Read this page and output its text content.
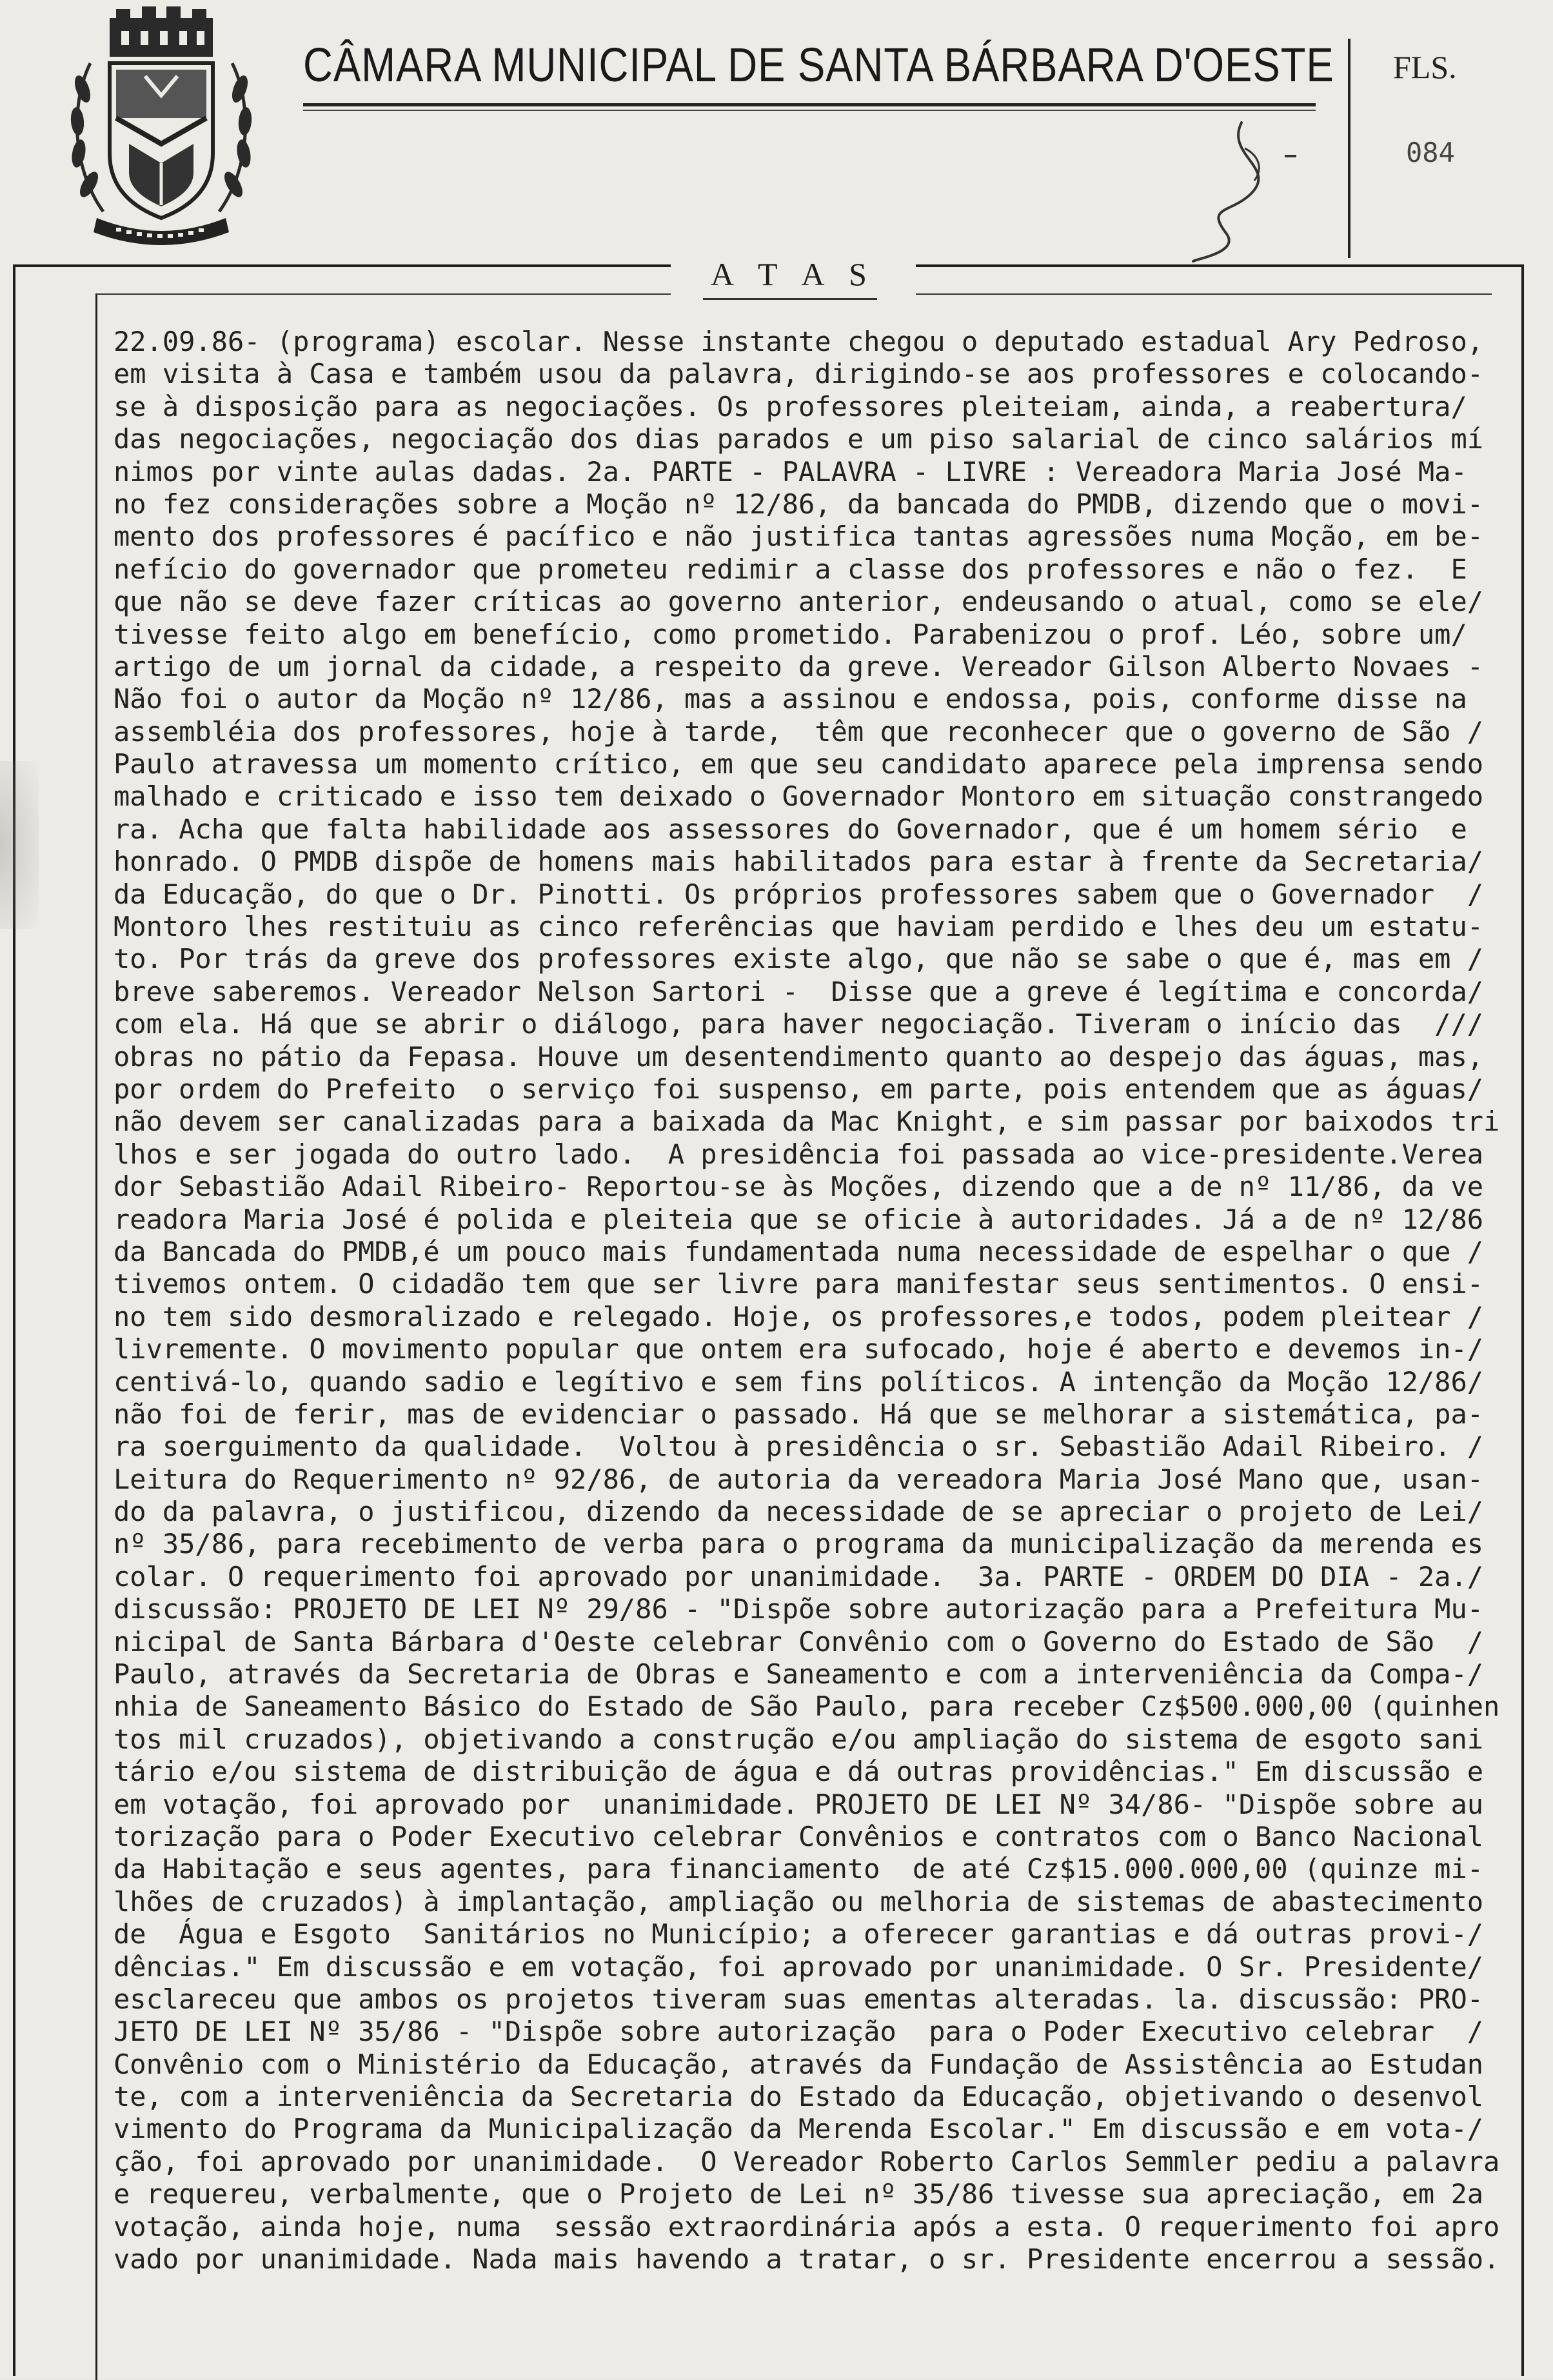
CÂMARA MUNICIPAL DE SANTA BÁRBARA D'OESTE FLS.
084
A T A S
22.09.86- (programa) escolar. Nesse instante chegou o deputado estadual Ary Pedroso,
em visita à Casa e também usou da palavra, dirigindo-se aos professores e colocando-
se à disposição para as negociações. Os professores pleiteiam, ainda, a reabertura/
das negociações, negociação dos dias parados e um piso salarial de cinco salários mí
nimos por vinte aulas dadas. 2a. PARTE - PALAVRA - LIVRE : Vereadora Maria José Ma-
no fez considerações sobre a Moção nº 12/86, da bancada do PMDB, dizendo que o movi-
mento dos professores é pacífico e não justifica tantas agressões numa Moção, em be-
nefício do governador que prometeu redimir a classe dos professores e não o fez.  E
que não se deve fazer críticas ao governo anterior, endeusando o atual, como se ele/
tivesse feito algo em benefício, como prometido. Parabenizou o prof. Léo, sobre um/
artigo de um jornal da cidade, a respeito da greve. Vereador Gilson Alberto Novaes -
Não foi o autor da Moção nº 12/86, mas a assinou e endossa, pois, conforme disse na
assembléia dos professores, hoje à tarde,  têm que reconhecer que o governo de São /
Paulo atravessa um momento crítico, em que seu candidato aparece pela imprensa sendo
malhado e criticado e isso tem deixado o Governador Montoro em situação constrangedo
ra. Acha que falta habilidade aos assessores do Governador, que é um homem sério  e
honrado. O PMDB dispõe de homens mais habilitados para estar à frente da Secretaria/
da Educação, do que o Dr. Pinotti. Os próprios professores sabem que o Governador  /
Montoro lhes restituiu as cinco referências que haviam perdido e lhes deu um estatu-
to. Por trás da greve dos professores existe algo, que não se sabe o que é, mas em /
breve saberemos. Vereador Nelson Sartori -  Disse que a greve é legítima e concorda/
com ela. Há que se abrir o diálogo, para haver negociação. Tiveram o início das  ///
obras no pátio da Fepasa. Houve um desentendimento quanto ao despejo das águas, mas,
por ordem do Prefeito  o serviço foi suspenso, em parte, pois entendem que as águas/
não devem ser canalizadas para a baixada da Mac Knight, e sim passar por baixodos tri
lhos e ser jogada do outro lado.  A presidência foi passada ao vice-presidente.Verea
dor Sebastião Adail Ribeiro- Reportou-se às Moções, dizendo que a de nº 11/86, da ve
readora Maria José é polida e pleiteia que se oficie à autoridades. Já a de nº 12/86
da Bancada do PMDB,é um pouco mais fundamentada numa necessidade de espelhar o que /
tivemos ontem. O cidadão tem que ser livre para manifestar seus sentimentos. O ensi-
no tem sido desmoralizado e relegado. Hoje, os professores,e todos, podem pleitear /
livremente. O movimento popular que ontem era sufocado, hoje é aberto e devemos in-/
centivá-lo, quando sadio e legítivo e sem fins políticos. A intenção da Moção 12/86/
não foi de ferir, mas de evidenciar o passado. Há que se melhorar a sistemática, pa-
ra soerguimento da qualidade.  Voltou à presidência o sr. Sebastião Adail Ribeiro. /
Leitura do Requerimento nº 92/86, de autoria da vereadora Maria José Mano que, usan-
do da palavra, o justificou, dizendo da necessidade de se apreciar o projeto de Lei/
nº 35/86, para recebimento de verba para o programa da municipalização da merenda es
colar. O requerimento foi aprovado por unanimidade.  3a. PARTE - ORDEM DO DIA - 2a./
discussão: PROJETO DE LEI Nº 29/86 - "Dispõe sobre autorização para a Prefeitura Mu-
nicipal de Santa Bárbara d'Oeste celebrar Convênio com o Governo do Estado de São  /
Paulo, através da Secretaria de Obras e Saneamento e com a interveniência da Compa-/
nhia de Saneamento Básico do Estado de São Paulo, para receber Cz$500.000,00 (quinhen
tos mil cruzados), objetivando a construção e/ou ampliação do sistema de esgoto sani
tário e/ou sistema de distribuição de água e dá outras providências." Em discussão e
em votação, foi aprovado por  unanimidade. PROJETO DE LEI Nº 34/86- "Dispõe sobre au
torização para o Poder Executivo celebrar Convênios e contratos com o Banco Nacional
da Habitação e seus agentes, para financiamento  de até Cz$15.000.000,00 (quinze mi-
lhões de cruzados) à implantação, ampliação ou melhoria de sistemas de abastecimento
de  Água e Esgoto  Sanitários no Município; a oferecer garantias e dá outras provi-/
dências." Em discussão e em votação, foi aprovado por unanimidade. O Sr. Presidente/
esclareceu que ambos os projetos tiveram suas ementas alteradas. la. discussão: PRO-
JETO DE LEI Nº 35/86 - "Dispõe sobre autorização  para o Poder Executivo celebrar  /
Convênio com o Ministério da Educação, através da Fundação de Assistência ao Estudan
te, com a interveniência da Secretaria do Estado da Educação, objetivando o desenvol
vimento do Programa da Municipalização da Merenda Escolar." Em discussão e em vota-/
ção, foi aprovado por unanimidade.  O Vereador Roberto Carlos Semmler pediu a palavra
e requereu, verbalmente, que o Projeto de Lei nº 35/86 tivesse sua apreciação, em 2a
votação, ainda hoje, numa  sessão extraordinária após a esta. O requerimento foi apro
vado por unanimidade. Nada mais havendo a tratar, o sr. Presidente encerrou a sessão.
